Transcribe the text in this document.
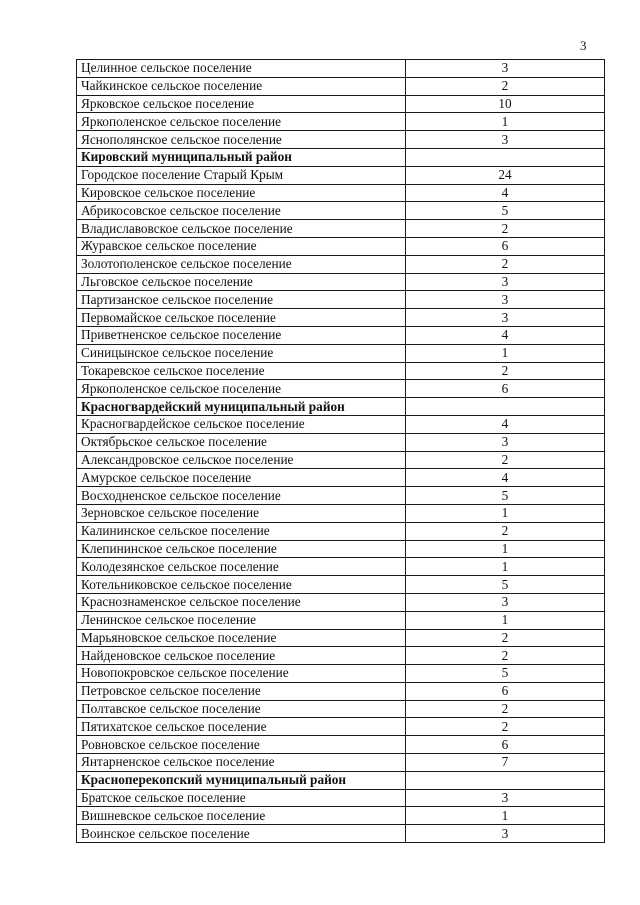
3
Целинное сельское поселение	3
Чайкинское сельское поселение	2
Ярковское сельское поселение	10
Яркополенское сельское поселение	1
Яснополянское сельское поселение	3
Кировский муниципальный район	
Городское поселение Старый Крым	24
Кировское сельское поселение	4
Абрикосовское сельское поселение	5
Владиславовское сельское поселение	2
Журавское сельское поселение	6
Золотополенское сельское поселение	2
Льговское сельское поселение	3
Партизанское сельское поселение	3
Первомайское сельское поселение	3
Приветненское сельское поселение	4
Синицынское сельское поселение	1
Токаревское сельское поселение	2
Яркополенское сельское поселение	6
Красногвардейский муниципальный район	
Красногвардейское сельское поселение	4
Октябрьское сельское поселение	3
Александровское сельское поселение	2
Амурское сельское поселение	4
Восходненское сельское поселение	5
Зерновское сельское поселение	1
Калининское сельское поселение	2
Клепининское сельское поселение	1
Колодезянское сельское поселение	1
Котельниковское сельское поселение	5
Краснознаменское сельское поселение	3
Ленинское сельское поселение	1
Марьяновское сельское поселение	2
Найденовское сельское поселение	2
Новопокровское сельское поселение	5
Петровское сельское поселение	6
Полтавское сельское поселение	2
Пятихатское сельское поселение	2
Ровновское сельское поселение	6
Янтарненское сельское поселение	7
Красноперекопский муниципальный район	
Братское сельское поселение	3
Вишневское сельское поселение	1
Воинское сельское поселение	3
